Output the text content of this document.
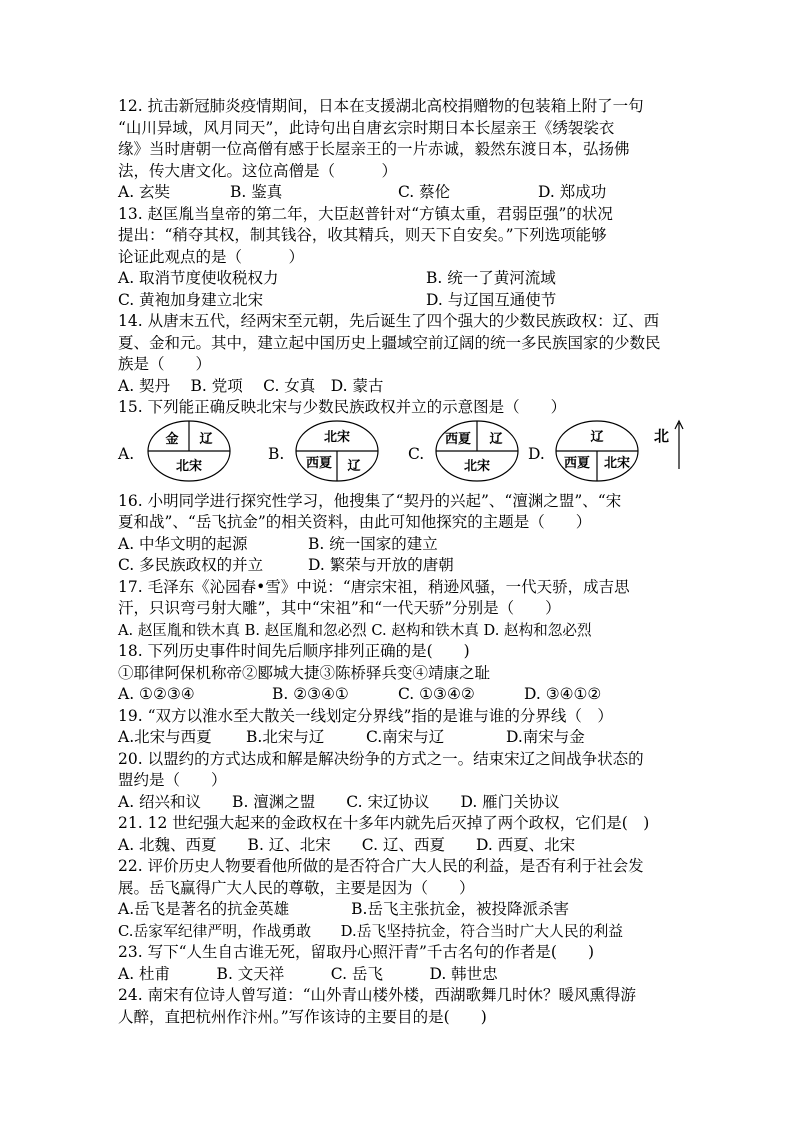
12. 抗击新冠肺炎疫情期间，日本在支援湖北高校捐赠物的包装箱上附了一句
“山川异域，风月同天”，此诗句出自唐玄宗时期日本长屋亲王《绣袈裟衣
缘》当时唐朝一位高僧有感于长屋亲王的一片赤诚，毅然东渡日本，弘扬佛
法，传大唐文化。这位高僧是（　　　）
A. 玄奘	B. 鉴真	C. 蔡伦	D. 郑成功
13. 赵匡胤当皇帝的第二年，大臣赵普针对“方镇太重，君弱臣强”的状况
提出：“稍夺其权，制其钱谷，收其精兵，则天下自安矣。”下列选项能够
论证此观点的是（　　　）
A. 取消节度使收税权力	B. 统一了黄河流域
C. 黄袍加身建立北宋	D. 与辽国互通使节
14. 从唐末五代，经两宋至元朝，先后诞生了四个强大的少数民族政权：辽、西
夏、金和元。其中，建立起中国历史上疆域空前辽阔的统一多民族国家的少数民
族是（　　）
A. 契丹　 B. 党项　 C. 女真　D. 蒙古
15. 下列能正确反映北宋与少数民族政权并立的示意图是（　　）
A.
金 辽
北宋
B.
北宋
西夏 辽
C.
西夏 辽
北宋
D.
辽
西夏 北宋
北
16. 小明同学进行探究性学习，他搜集了“契丹的兴起”、“澶渊之盟”、“宋
夏和战”、“岳飞抗金”的相关资料，由此可知他探究的主题是（　　）
A. 中华文明的起源	B. 统一国家的建立
C. 多民族政权的并立	D. 繁荣与开放的唐朝
17. 毛泽东《沁园春•雪》中说：“唐宗宋祖，稍逊风骚，一代天骄，成吉思
汗，只识弯弓射大雕”，其中“宋祖”和“一代天骄”分别是（　　）
A. 赵匡胤和铁木真 B. 赵匡胤和忽必烈 C. 赵构和铁木真 D. 赵构和忽必烈
18. 下列历史事件时间先后顺序排列正确的是(　　)
①耶律阿保机称帝②郾城大捷③陈桥驿兵变④靖康之耻
A. ①②③④	B. ②③④①	C. ①③④②	D. ③④①②
19. “双方以淮水至大散关一线划定分界线”指的是谁与谁的分界线（　）
A.北宋与西夏	B.北宋与辽	C.南宋与辽	D.南宋与金
20. 以盟约的方式达成和解是解决纷争的方式之一。结束宋辽之间战争状态的
盟约是（　　）
A. 绍兴和议　　B. 澶渊之盟　　C. 宋辽协议　　D. 雁门关协议
21. 12 世纪强大起来的金政权在十多年内就先后灭掉了两个政权，它们是(　)
A. 北魏、西夏　　B. 辽、北宋　　C. 辽、西夏　　D. 西夏、北宋
22. 评价历史人物要看他所做的是否符合广大人民的利益，是否有利于社会发
展。岳飞赢得广大人民的尊敬，主要是因为（　　）
A.岳飞是著名的抗金英雄　　　　B.岳飞主张抗金，被投降派杀害
C.岳家军纪律严明，作战勇敢　　D.岳飞坚持抗金，符合当时广大人民的利益
23. 写下“人生自古谁无死，留取丹心照汗青”千古名句的作者是(　　)
A. 杜甫　　　B. 文天祥　　　C. 岳飞　　　D. 韩世忠
24. 南宋有位诗人曾写道：“山外青山楼外楼，西湖歌舞几时休？暖风熏得游
人醉，直把杭州作汴州。”写作该诗的主要目的是(　　)
